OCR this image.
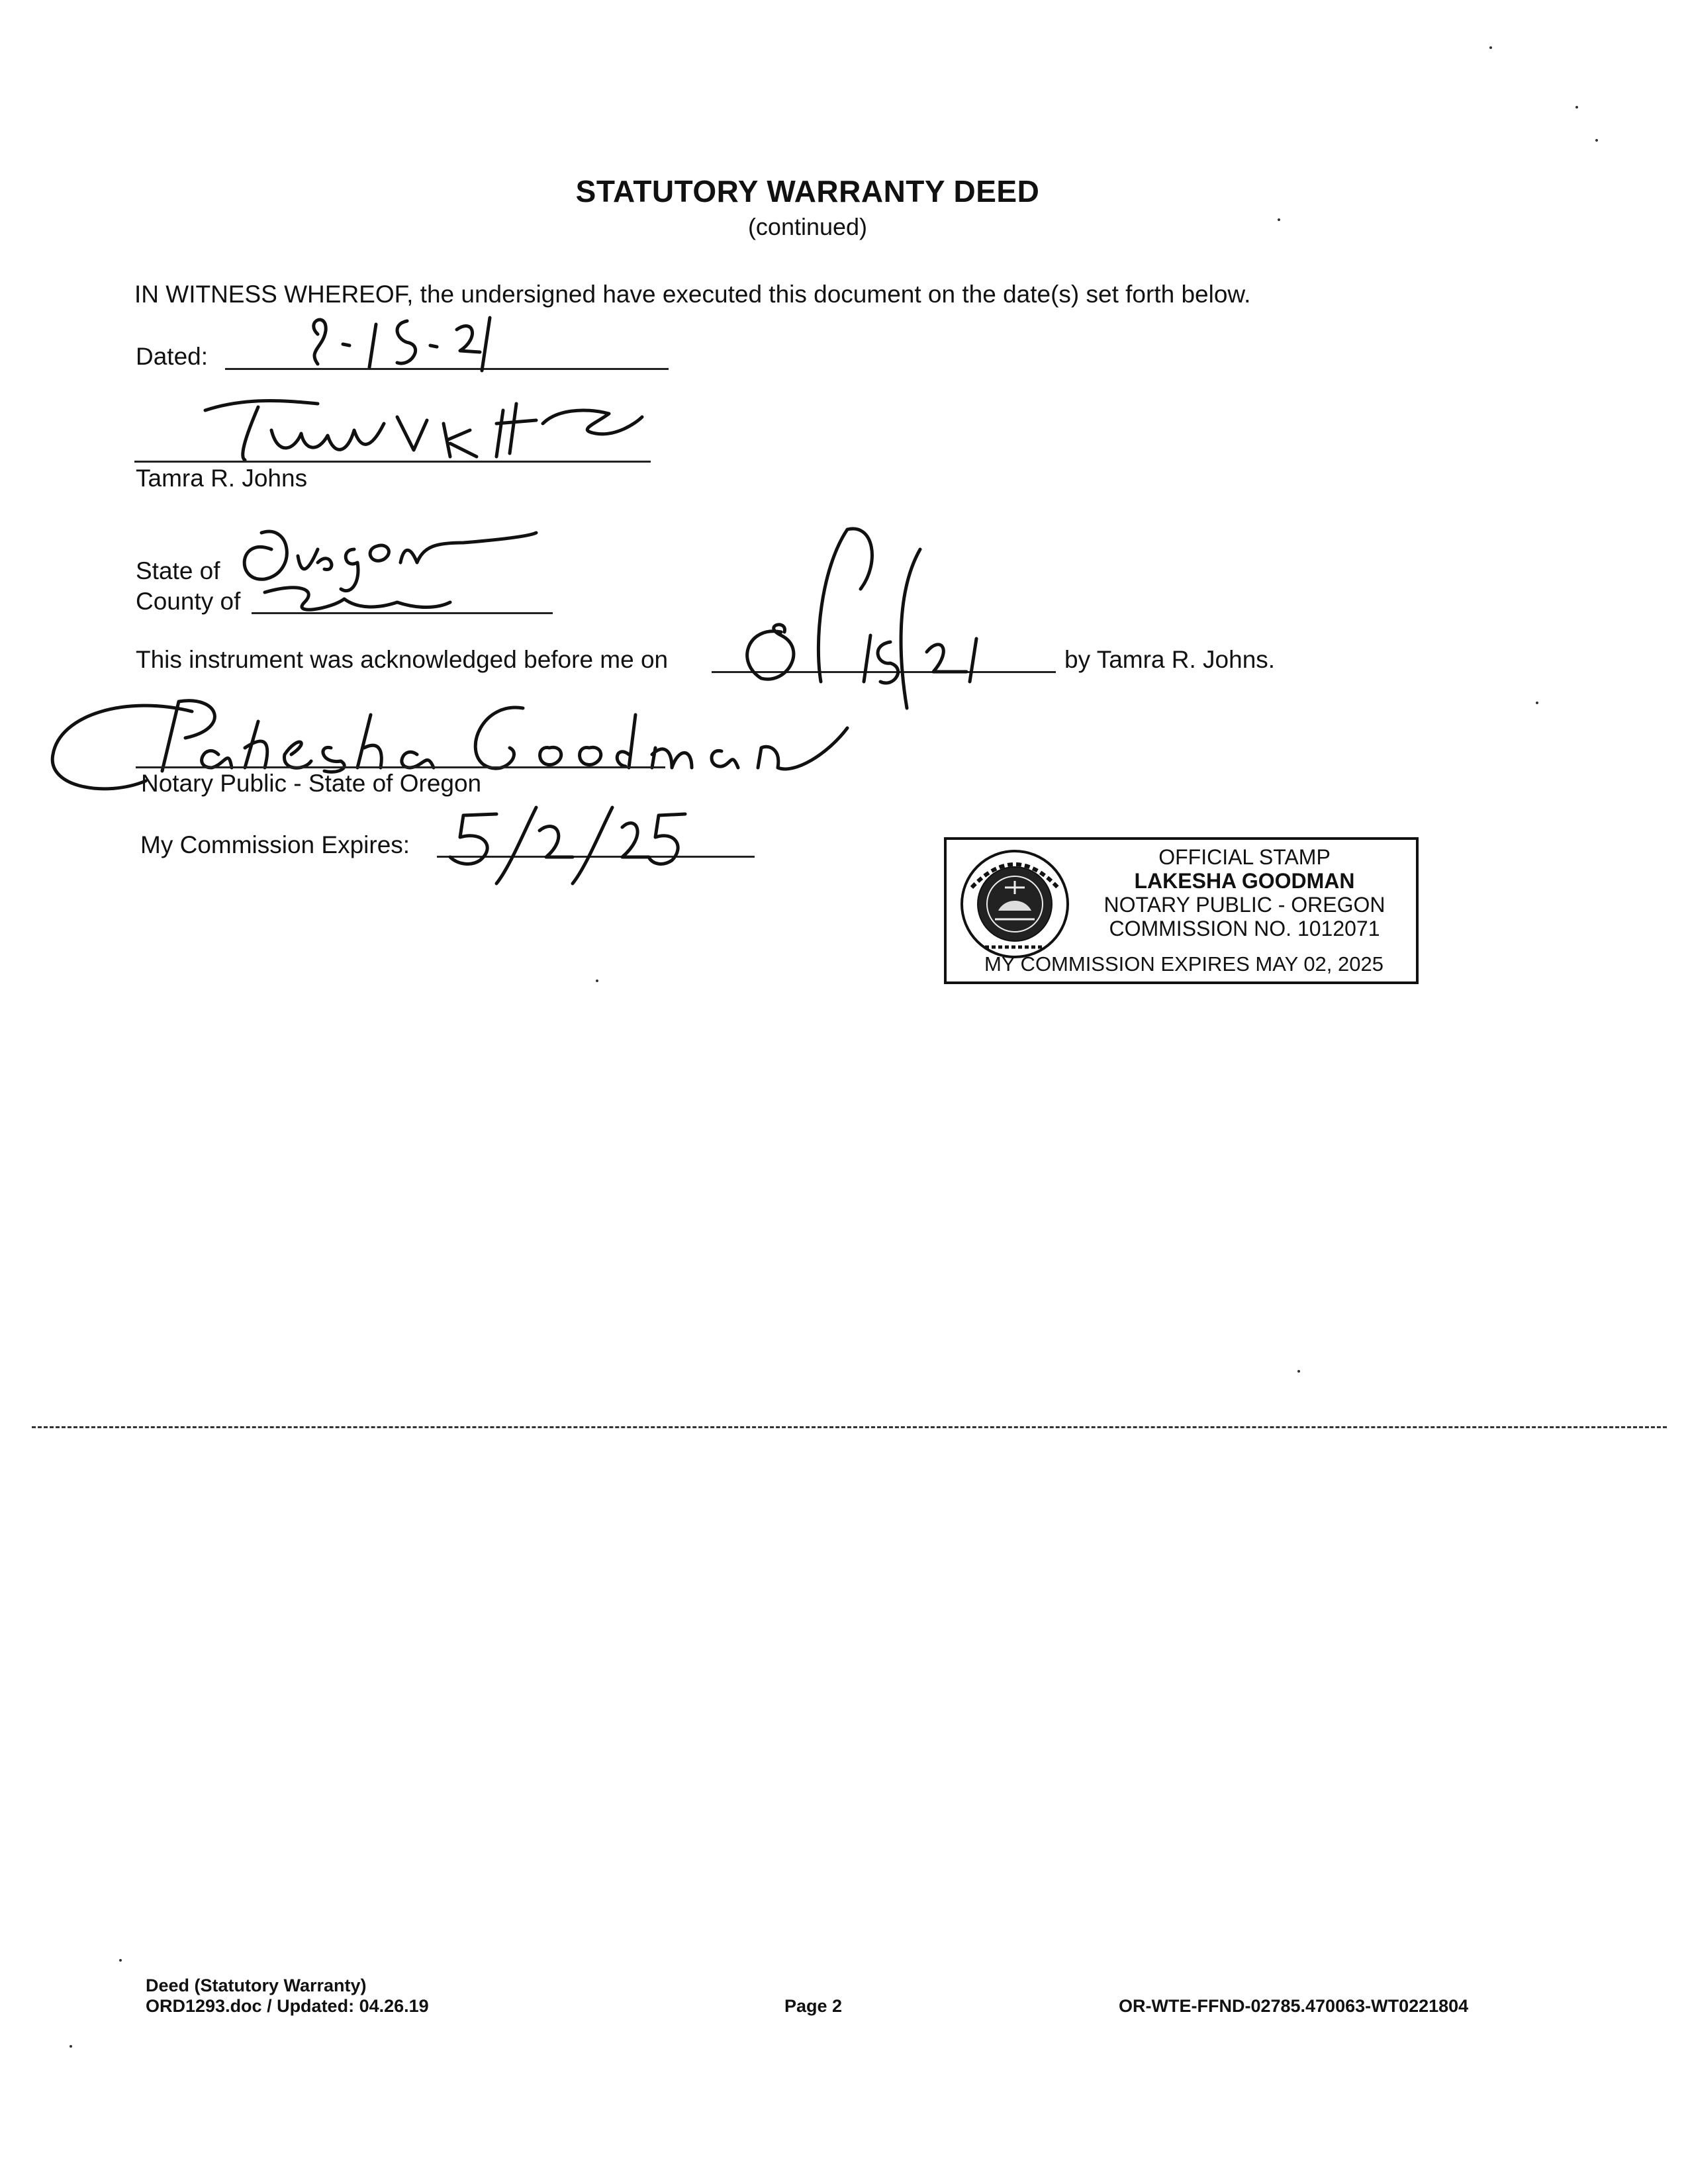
STATUTORY WARRANTY DEED
(continued)
IN WITNESS WHEREOF, the undersigned have executed this document on the date(s) set forth below.
Dated:
Tamra R. Johns
State of
County of
This instrument was acknowledged before me on	by Tamra R. Johns.
Notary Public - State of Oregon
My Commission Expires:	OFFICIAL STAMP
LAKESHA GOODMAN
NOTARY PUBLIC - OREGON
COMMISSION NO. 1012071
MY COMMISSION EXPIRES MAY 02, 2025
Deed (Statutory Warranty)
ORD1293.doc / Updated: 04.26.19	Page 2	OR-WTE-FFND-02785.470063-WT0221804
